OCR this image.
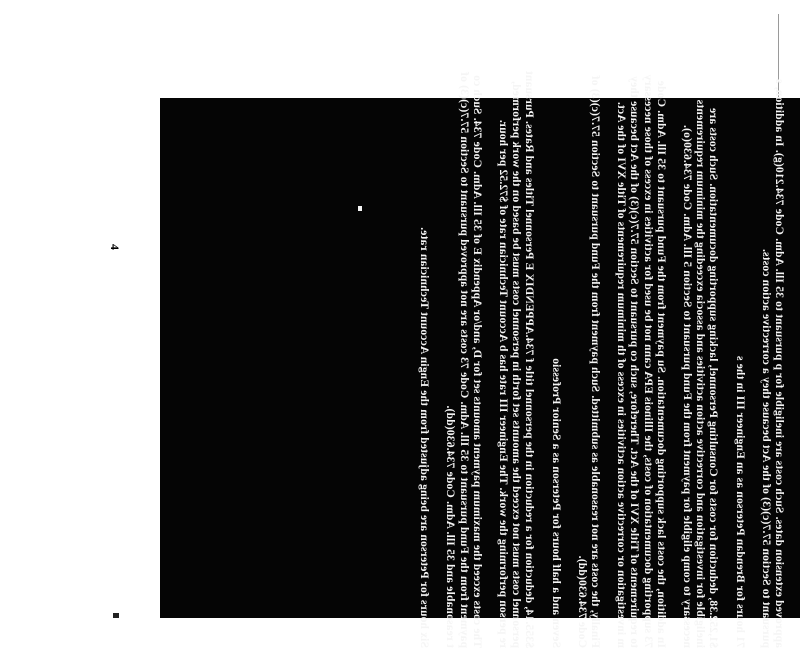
4	approved extension dates. Such costs are ineligible for p pursuant to 35 Ill. Adm. Code 734.210(g). In addition, s pursuant to Section 57.7(c)(3) of the Act because they a corrective action costs.

71 hours for Brendan Peterson as an Engineer III in the s

$1,252.38, deduction for costs for Consulting Personnel, lacking supporting documentation. Such costs are ineligible for investigation and corrective action activities and associa exceeding the minimum requirements necessary to comp eligible for payment from the Fund pursuant to Section 5 Ill. Adm. Code 734.630(o).

In addition, the costs lack supporting documentation. Su payment from the Fund pursuant to 35 Ill. Adm. Code 73 supporting documentation of costs, the Illinois EPA cann not be used for activities in excess of those necessary to requirements of Title XVI of the Act. Therefore, such co pursuant to Section 57.7(c)(3) of the Act because they m investigation or corrective action activities in excess of th minimum requirements of Title XVI of the Act.

Finally, the costs are not reasonable as submitted. Such payment from the Fund pursuant to Section 57.7(c)(3) of Code 734.630(dd).

Seven and a half hours for Peterson as a Senior Professio

$355.14, deduction for a reduction in the personnel title f 734.APPENDIX E Personnel Titles and Rates. Pursuant personnel costs must not exceed the amounts set forth in personnel costs must be based on the work performed, re person performing the work. The Engineer III rate has b Account Technician rate of $72.52 per hour.

The costs exceed the maximum payment amounts set for D, and/or Appendix E of 35 Ill. Adm. Code 734. Such co payment from the Fund pursuant to 35 Ill. Adm. Code 73 costs are not approved pursuant to Section 57.7(c)(3) of t reasonable and 35 Ill. Adm. Code 734.630(dd).

Six hours for Peterson are being adjusted from the Engin Account Technician rate.
